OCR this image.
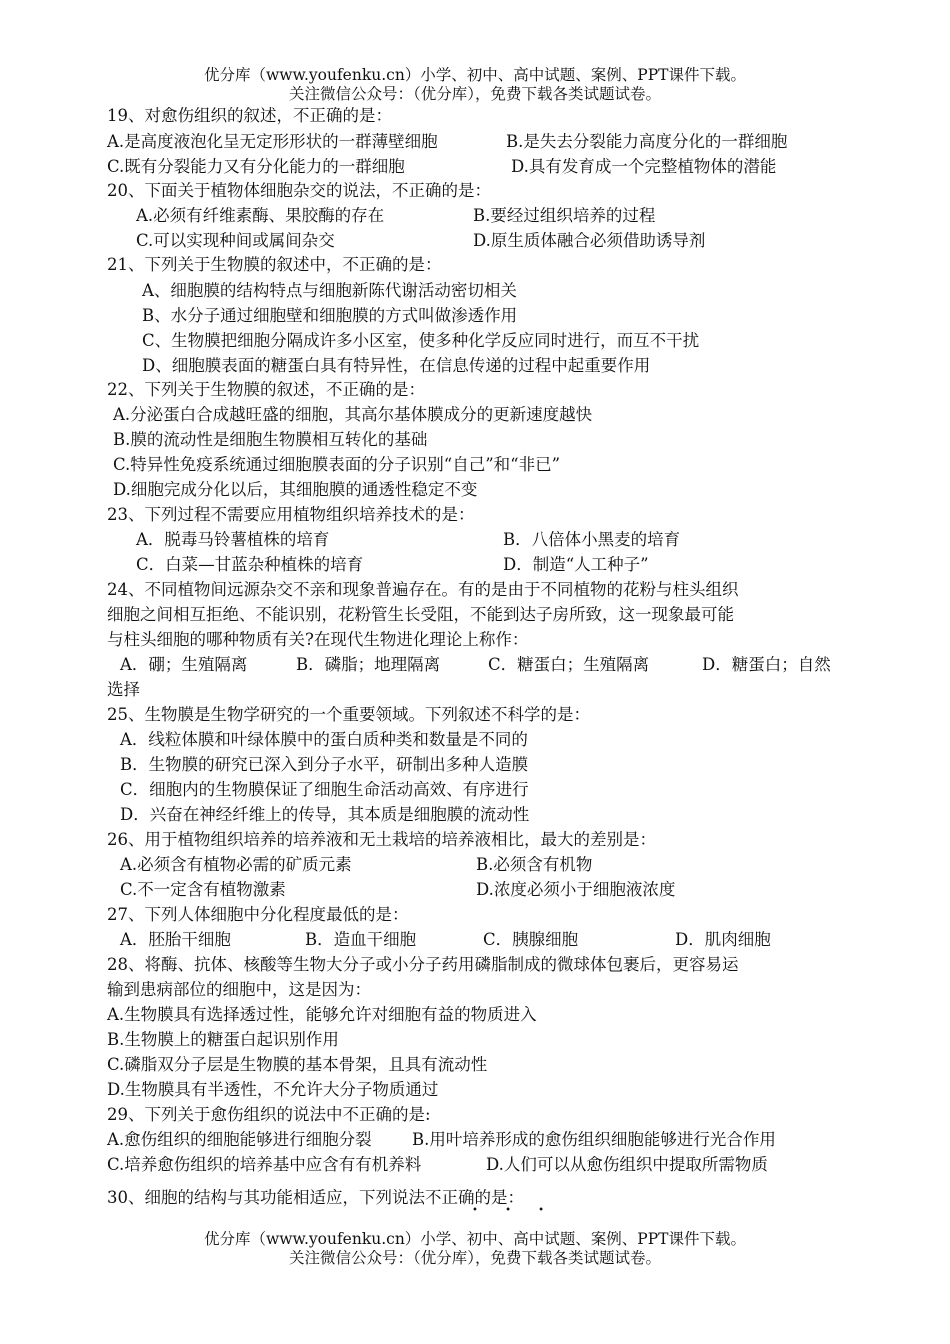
优分库（www.youfenku.cn）小学、初中、高中试题、案例、PPT课件下载。
关注微信公众号：（优分库），免费下载各类试题试卷。
19、对愈伤组织的叙述，不正确的是：
A.是高度液泡化呈无定形形状的一群薄壁细胞	B.是失去分裂能力高度分化的一群细胞
C.既有分裂能力又有分化能力的一群细胞	D.具有发育成一个完整植物体的潜能
20、下面关于植物体细胞杂交的说法，不正确的是：
A.必须有纤维素酶、果胶酶的存在	B.要经过组织培养的过程
C.可以实现种间或属间杂交	D.原生质体融合必须借助诱导剂
21、下列关于生物膜的叙述中，不正确的是：
A、细胞膜的结构特点与细胞新陈代谢活动密切相关
B、水分子通过细胞壁和细胞膜的方式叫做渗透作用
C、生物膜把细胞分隔成许多小区室，使多种化学反应同时进行，而互不干扰
D、细胞膜表面的糖蛋白具有特异性，在信息传递的过程中起重要作用
22、下列关于生物膜的叙述，不正确的是：
A.分泌蛋白合成越旺盛的细胞，其高尔基体膜成分的更新速度越快
B.膜的流动性是细胞生物膜相互转化的基础
C.特异性免疫系统通过细胞膜表面的分子识别“自己”和“非已”
D.细胞完成分化以后，其细胞膜的通透性稳定不变
23、下列过程不需要应用植物组织培养技术的是：
A．脱毒马铃薯植株的培育	B．八倍体小黑麦的培育
C．白菜—甘蓝杂种植株的培育	D．制造“人工种子”
24、不同植物间远源杂交不亲和现象普遍存在。有的是由于不同植物的花粉与柱头组织
细胞之间相互拒绝、不能识别，花粉管生长受阻，不能到达子房所致，这一现象最可能
与柱头细胞的哪种物质有关?在现代生物进化理论上称作：
A．硼；生殖隔离	B．磷脂；地理隔离	C．糖蛋白；生殖隔离	D．糖蛋白；自然
选择
25、生物膜是生物学研究的一个重要领域。下列叙述不科学的是：
A．线粒体膜和叶绿体膜中的蛋白质种类和数量是不同的
B．生物膜的研究已深入到分子水平，研制出多种人造膜
C．细胞内的生物膜保证了细胞生命活动高效、有序进行
D．兴奋在神经纤维上的传导，其本质是细胞膜的流动性
26、用于植物组织培养的培养液和无土栽培的培养液相比，最大的差别是：
A.必须含有植物必需的矿质元素	B.必须含有机物
C.不一定含有植物激素	D.浓度必须小于细胞液浓度
27、下列人体细胞中分化程度最低的是：
A．胚胎干细胞	B．造血干细胞	C．胰腺细胞	D．肌肉细胞
28、将酶、抗体、核酸等生物大分子或小分子药用磷脂制成的微球体包裹后，更容易运
输到患病部位的细胞中，这是因为：
A.生物膜具有选择透过性，能够允许对细胞有益的物质进入
B.生物膜上的糖蛋白起识别作用
C.磷脂双分子层是生物膜的基本骨架，且具有流动性
D.生物膜具有半透性，不允许大分子物质通过
29、下列关于愈伤组织的说法中不正确的是:
A.愈伤组织的细胞能够进行细胞分裂 B.用叶培养形成的愈伤组织细胞能够进行光合作用
C.培养愈伤组织的培养基中应含有有机养料	D.人们可以从愈伤组织中提取所需物质
30、细胞的结构与其功能相适应，下列说法不正确的是：
• • •
优分库（www.youfenku.cn）小学、初中、高中试题、案例、PPT课件下载。
关注微信公众号：（优分库），免费下载各类试题试卷。
